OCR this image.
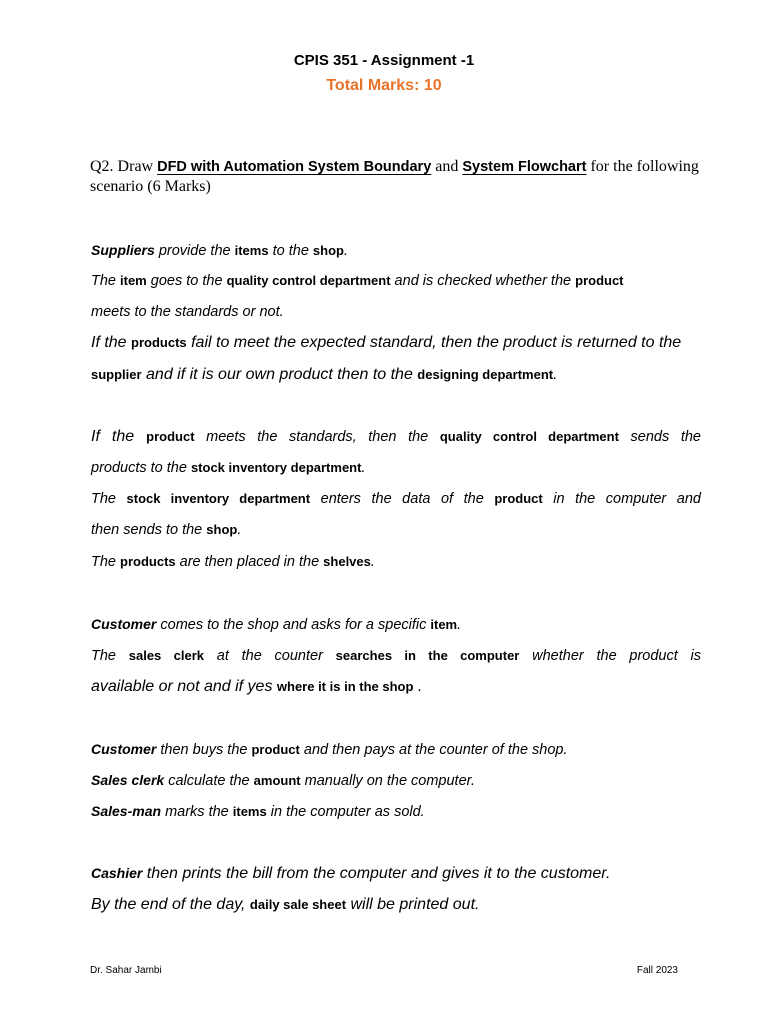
CPIS 351 - Assignment -1
Total Marks: 10
Q2. Draw DFD with Automation System Boundary and System Flowchart for the following scenario (6 Marks)
Suppliers provide the items to the shop.
The item goes to the quality control department and is checked whether the product
meets to the standards or not.
If the products fail to meet the expected standard, then the product is returned to the
supplier and if it is our own product then to the designing department.
If the product meets the standards, then the quality control department sends the
products to the stock inventory department.
The stock inventory department enters the data of the product in the computer and
then sends to the shop.
The products are then placed in the shelves.
Customer comes to the shop and asks for a specific item.
The sales clerk at the counter searches in the computer whether the product is
available or not and if yes where it is in the shop .
Customer then buys the product and then pays at the counter of the shop.
Sales clerk calculate the amount manually on the computer.
Sales-man marks the items in the computer as sold.
Cashier then prints the bill from the computer and gives it to the customer.
By the end of the day, daily sale sheet will be printed out.
Dr. Sahar Jambi	Fall 2023
